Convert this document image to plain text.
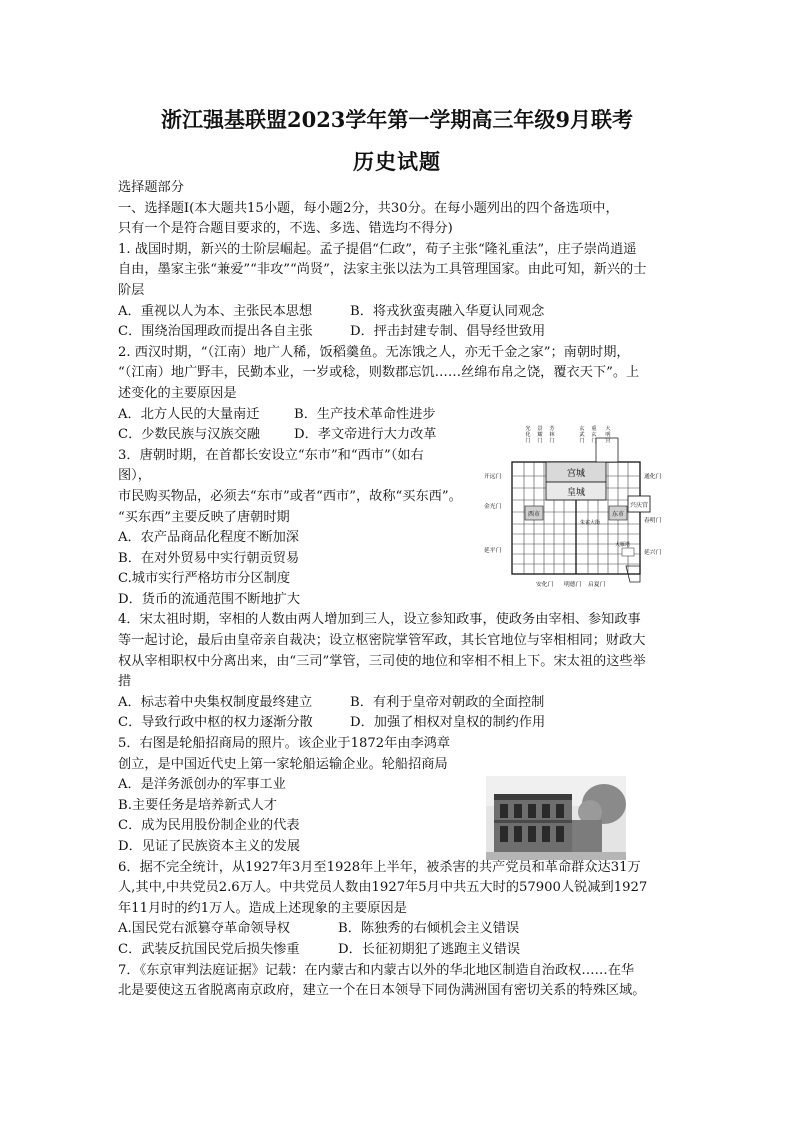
浙江强基联盟2023学年第一学期高三年级9月联考
历史试题

选择题部分

一、选择题Ⅰ(本大题共15小题，每小题2分，共30分。在每小题列出的四个备选项中，

只有一个是符合题目要求的，不选、多选、错选均不得分)

1. 战国时期，新兴的士阶层崛起。孟子提倡“仁政”，荀子主张“隆礼重法”，庄子崇尚逍遥

自由，墨家主张“兼爱”“非攻”“尚贤”，法家主张以法为工具管理国家。由此可知，新兴的士

阶层

A．重视以人为本、主张民本思想	B．将戎狄蛮夷融入华夏认同观念
C．围绕治国理政而提出各自主张	D．抨击封建专制、倡导经世致用

2. 西汉时期，“（江南）地广人稀，饭稻羹鱼。无冻饿之人，亦无千金之家”；南朝时期，

“（江南）地广野丰，民勤本业，一岁或稔，则数郡忘饥……丝绵布帛之饶，覆衣天下”。上

述变化的主要原因是

A．北方人民的大量南迁	B．生产技术革命性进步
C．少数民族与汉族交融	D．孝文帝进行大力改革

3．唐朝时期，在首都长安设立“东市”和“西市”（如右

图），

市民购买物品，必须去“东市”或者“西市”，故称“买东西”。

“买东西”主要反映了唐朝时期

A．农产品商品化程度不断加深

B．在对外贸易中实行朝贡贸易

C.城市实行严格坊市分区制度

D．货币的流通范围不断地扩大

4．宋太祖时期，宰相的人数由两人增加到三人，设立参知政事，使政务由宰相、参知政事

等一起讨论，最后由皇帝亲自裁决；设立枢密院掌管军政，其长官地位与宰相相同；财政大

权从宰相职权中分离出来，由“三司”掌管，三司使的地位和宰相不相上下。宋太祖的这些举

措

A．标志着中央集权制度最终建立	B．有利于皇帝对朝政的全面控制
C．导致行政中枢的权力逐渐分散	D．加强了相权对皇权的制约作用

5．右图是轮船招商局的照片。该企业于1872年由李鸿章

创立，是中国近代史上第一家轮船运输企业。轮船招商局

A．是洋务派创办的军事工业

B.主要任务是培养新式人才

C．成为民用股份制企业的代表

D．见证了民族资本主义的发展

6．据不完全统计，从1927年3月至1928年上半年，被杀害的共产党员和革命群众达31万

人,其中,中共党员2.6万人。中共党员人数由1927年5月中共五大时的57900人锐减到1927

年11月时的约1万人。造成上述现象的主要原因是

A.国民党右派篡夺革命领导权	B．陈独秀的右倾机会主义错误
C．武装反抗国民党后损失惨重	D．长征初期犯了逃跑主义错误

7．《东京审判法庭证据》记载：在内蒙古和内蒙古以外的华北地区制造自治政权……在华

北是要使这五省脱离南京政府，建立一个在日本领导下同伪满洲国有密切关系的特殊区域。

宫城
皇城
西市	东市
兴庆宫
朱雀大街
大雁塔
光化门
景耀门
芳林门
玄武门
重玄门
大明宫
开远门
金光门
延平门
通化门
春明门
延兴门
安化门 明德门 启夏门
